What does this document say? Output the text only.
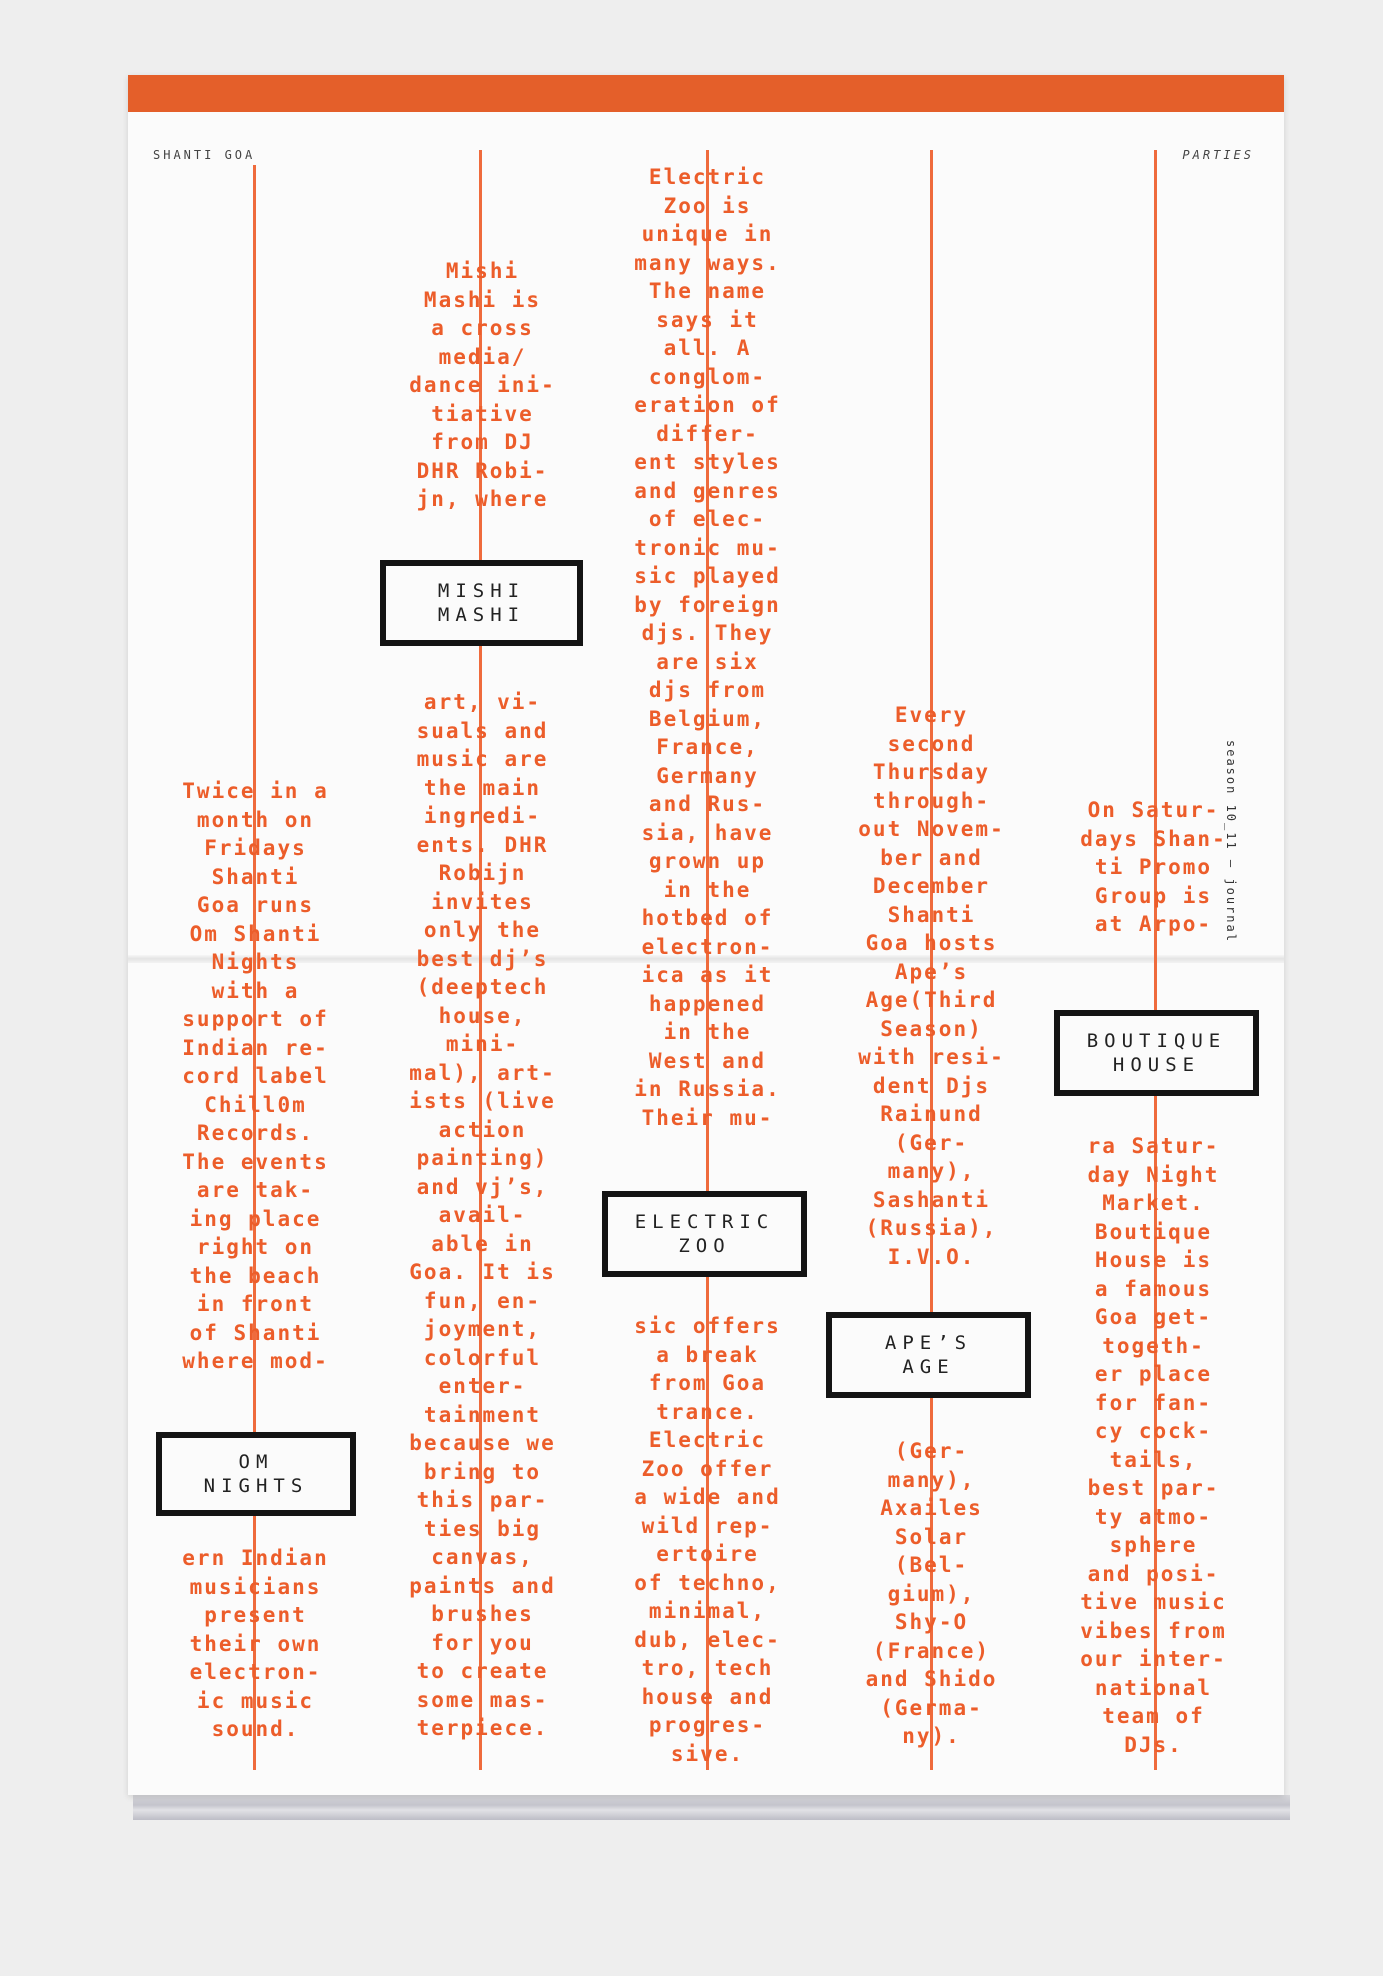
SHANTI GOA	PARTIES
season 10_11 — journal
Twice in a
month on
Fridays
Shanti
Goa runs
Om Shanti
Nights
with a
support of
Indian re-
cord label
Chill0m
Records.
The events
are tak-
ing place
right on
the beach
in front
of Shanti
where mod-
OM
NIGHTS
ern Indian
musicians
present
their own
electron-
ic music
sound.
Mishi
Mashi is
a cross
media/
dance ini-
tiative
from DJ
DHR Robi-
jn, where
MISHI
MASHI
art, vi-
suals and
music are
the main
ingredi-
ents. DHR
Robijn
invites
only the
best dj’s
(deeptech
house,
mini-
mal), art-
ists (live
action
painting)
and vj’s,
avail-
able in
Goa. It is
fun, en-
joyment,
colorful
enter-
tainment
because we
bring to
this par-
ties big
canvas,
paints and
brushes
for you
to create
some mas-
terpiece.
Electric
Zoo is
unique in
many ways.
The name
says it
all. A
conglom-
eration of
differ-
ent styles
and genres
of elec-
tronic mu-
sic played
by foreign
djs. They
are six
djs from
Belgium,
France,
Germany
and Rus-
sia, have
grown up
in the
hotbed of
electron-
ica as it
happened
in the
West and
in Russia.
Their mu-
ELECTRIC
ZOO
sic offers
a break
from Goa
trance.
Electric
Zoo offer
a wide and
wild rep-
ertoire
of techno,
minimal,
dub, elec-
tro, tech
house and
progres-
sive.
Every
second
Thursday
through-
out Novem-
ber and
December
Shanti
Goa hosts
Ape’s
Age(Third
Season)
with resi-
dent Djs
Rainund
(Ger-
many),
Sashanti
(Russia),
I.V.O.
APE’S
AGE
(Ger-
many),
Axailes
Solar
(Bel-
gium),
Shy-O
(France)
and Shido
(Germa-
ny).
On Satur-
days Shan-
ti Promo
Group is
at Arpo-
BOUTIQUE
HOUSE
ra Satur-
day Night
Market.
Boutique
House is
a famous
Goa get-
togeth-
er place
for fan-
cy cock-
tails,
best par-
ty atmo-
sphere
and posi-
tive music
vibes from
our inter-
national
team of
DJs.
